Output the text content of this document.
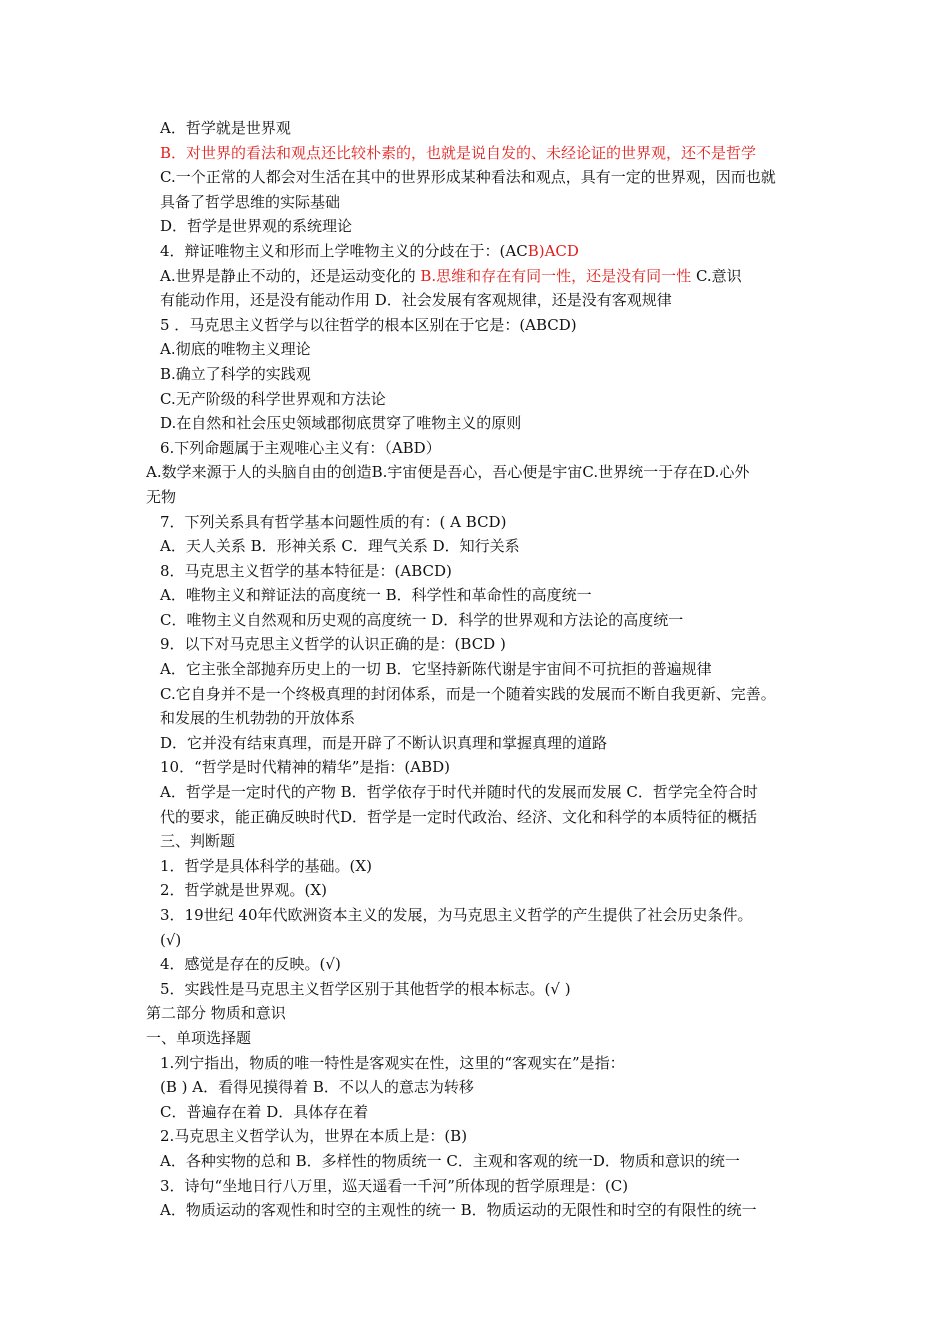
A．哲学就是世界观
B．对世界的看法和观点还比较朴素的，也就是说自发的、未经论证的世界观，还不是哲学
C.一个正常的人都会对生活在其中的世界形成某种看法和观点，具有一定的世界观，因而也就
具备了哲学思维的实际基础
D．哲学是世界观的系统理论
4．辩证唯物主义和形而上学唯物主义的分歧在于：(ACB)ACD
A.世界是静止不动的，还是运动变化的 B.思维和存在有同一性，还是没有同一性 C.意识
有能动作用，还是没有能动作用 D．社会发展有客观规律，还是没有客观规律
5 ．马克思主义哲学与以往哲学的根本区别在于它是：(ABCD)
A.彻底的唯物主义理论
B.确立了科学的实践观
C.无产阶级的科学世界观和方法论
D.在自然和社会压史领域郡彻底贯穿了唯物主义的原则
6.下列命题属于主观唯心主义有：（ABD）
A.数学来源于人的头脑自由的创造B.宇宙便是吾心，吾心便是宇宙C.世界统一于存在D.心外
无物
7．下列关系具有哲学基本问题性质的有：( A BCD)
A．天人关系 B．形神关系 C．理气关系 D．知行关系
8．马克思主义哲学的基本特征是：(ABCD)
A．唯物主义和辩证法的高度统一 B．科学性和革命性的高度统一
C．唯物主义自然观和历史观的高度统一 D．科学的世界观和方法论的高度统一
9．以下对马克思主义哲学的认识正确的是：(BCD )
A．它主张全部抛弃历史上的一切 B．它坚持新陈代谢是宇宙间不可抗拒的普遍规律
C.它自身并不是一个终极真理的封闭体系，而是一个随着实践的发展而不断自我更新、完善。
和发展的生机勃勃的开放体系
D．它并没有结束真理，而是开辟了不断认识真理和掌握真理的道路
10．“哲学是时代精神的精华”是指：(ABD)
A．哲学是一定时代的产物 B．哲学依存于时代并随时代的发展而发展 C．哲学完全符合时
代的要求，能正确反映时代D．哲学是一定时代政治、经济、文化和科学的本质特征的概括
三、判断题
1．哲学是具体科学的基础。(X)
2．哲学就是世界观。(X)
3．19世纪 40年代欧洲资本主义的发展，为马克思主义哲学的产生提供了社会历史条件。
(√)
4．感觉是存在的反映。(√)
5．实践性是马克思主义哲学区别于其他哲学的根本标志。(√ )
第二部分 物质和意识
一、单项选择题
1.列宁指出，物质的唯一特性是客观实在性，这里的“客观实在”是指：
(B ) A．看得见摸得着 B．不以人的意志为转移
C．普遍存在着 D．具体存在着
2.马克思主义哲学认为，世界在本质上是：(B)
A．各种实物的总和 B．多样性的物质统一 C．主观和客观的统一D．物质和意识的统一
3．诗句“坐地日行八万里，巡天遥看一千河”所体现的哲学原理是：(C)
A．物质运动的客观性和时空的主观性的统一 B．物质运动的无限性和时空的有限性的统一
